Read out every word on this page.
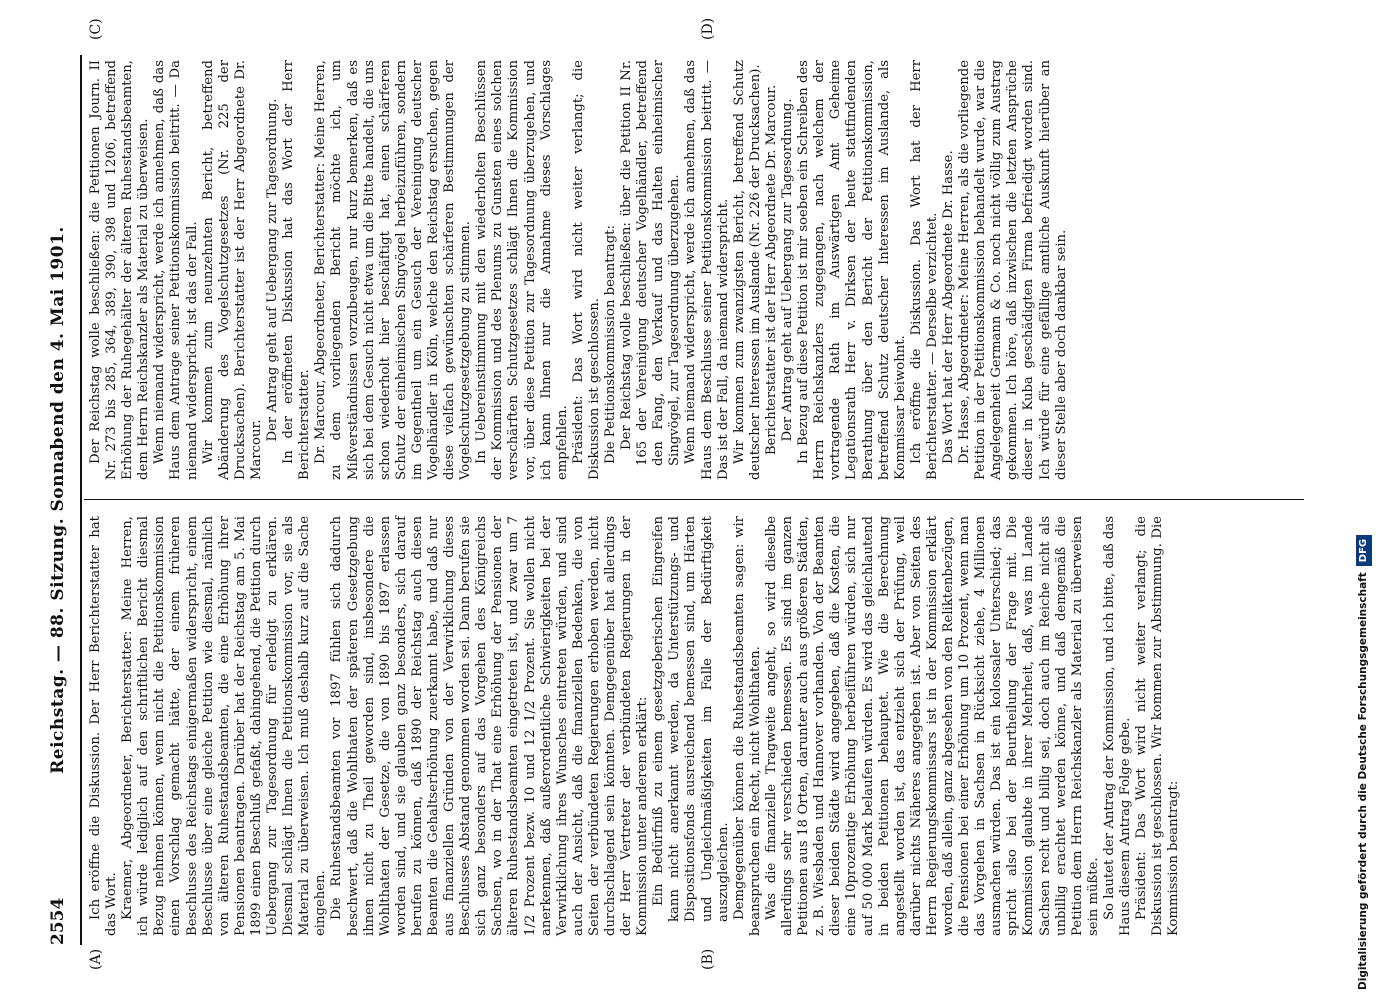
2554
Reichstag. — 88. Sitzung. Sonnabend den 4. Mai 1901.
(A)	(B)
(C)	(D)

Ich eröffne die Diskussion. Der Herr Berichterstatter hat das Wort. Kraemer, Abgeordneter, Berichterstatter: Meine Herren, ich würde lediglich auf den schriftlichen Bericht diesmal Bezug nehmen können, wenn nicht die Petitionskommission einen Vorschlag gemacht hätte, der einem früheren Beschlusse des Reichstags einigermaßen widerspricht, einem Beschlusse über eine gleiche Petition wie diesmal, nämlich von älteren Ruhestandsbeamten, die eine Erhöhung ihrer Pensionen beantragen. Darüber hat der Reichstag am 5. Mai 1899 einen Beschluß gefaßt, dahingehend, die Petition durch Uebergang zur Tagesordnung für erledigt zu erklären. Diesmal schlägt Ihnen die Petitionskommission vor, sie als Material zu überweisen. Ich muß deshalb kurz auf die Sache eingehen. Die Ruhestandsbeamten vor 1897 fühlen sich dadurch beschwert, daß die Wohlthaten der späteren Gesetzgebung ihnen nicht zu Theil geworden sind, insbesondere die Wohlthaten der Gesetze, die von 1890 bis 1897 erlassen worden sind, und sie glauben ganz besonders, sich darauf berufen zu können, daß 1890 der Reichstag auch diesen Beamten die Gehaltserhöhung zuerkannt habe, und daß nur aus finanziellen Gründen von der Verwirklichung dieses Beschlusses Abstand genommen worden sei. Dann berufen sie sich ganz besonders auf das Vorgehen des Königreichs Sachsen, wo in der That eine Erhöhung der Pensionen der älteren Ruhestandsbeamten eingetreten ist, und zwar um 7 1/2 Prozent bezw. 10 und 12 1/2 Prozent. Sie wollen nicht anerkennen, daß außerordentliche Schwierigkeiten bei der Verwirklichung ihres Wunsches eintreten würden, und sind auch der Ansicht, daß die finanziellen Bedenken, die von Seiten der verbündeten Regierungen erhoben werden, nicht durchschlagend sein könnten. Demgegenüber hat allerdings der Herr Vertreter der verbündeten Regierungen in der Kommission unter anderem erklärt: Ein Bedürfniß zu einem gesetzgeberischen Eingreifen kann nicht anerkannt werden, da Unterstützungs- und Dispositionsfonds ausreichend bemessen sind, um Härten und Ungleichmäßigkeiten im Falle der Bedürftigkeit auszugleichen. Demgegenüber können die Ruhestandsbeamten sagen: wir beanspruchen ein Recht, nicht Wohlthaten. Was die finanzielle Tragweite angeht, so wird dieselbe allerdings sehr verschieden bemessen. Es sind im ganzen Petitionen aus 18 Orten, darunter auch aus größeren Städten, z. B. Wiesbaden und Hannover vorhanden. Von der Beamten dieser beiden Städte wird angegeben, daß die Kosten, die eine 10prozentige Erhöhung herbeiführen würden, sich nur auf 50 000 Mark belaufen würden. Es wird das gleichlautend in beiden Petitionen behauptet. Wie die Berechnung angestellt worden ist, das entzieht sich der Prüfung, weil darüber nichts Näheres angegeben ist. Aber von Seiten des Herrn Regierungskommissars ist in der Kommission erklärt worden, daß allein, ganz abgesehen von den Reliktenbezügen, die Pensionen bei einer Erhöhung um 10 Prozent, wenn man das Vorgehen in Sachsen in Rücksicht ziehe, 4 Millionen ausmachen würden. Das ist ein kolossaler Unterschied; das spricht also bei der Beurtheilung der Frage mit. Die Kommission glaubte in ihrer Mehrheit, daß, was im Lande Sachsen recht und billig sei, doch auch im Reiche nicht als unbillig erachtet werden könne, und daß demgemäß die Petition dem Herrn Reichskanzler als Material zu überweisen sein müßte. So lautet der Antrag der Kommission, und ich bitte, daß das Haus diesem Antrag Folge gebe. Präsident: Das Wort wird nicht weiter verlangt; die Diskussion ist geschlossen. Wir kommen zur Abstimmung. Die Kommission beantragt:

Der Reichstag wolle beschließen: die Petitionen Journ. II Nr. 273 bis 285, 364, 389, 390, 398 und 1206, betreffend Erhöhung der Ruhegehälter der älteren Ruhestandsbeamten, dem Herrn Reichskanzler als Material zu überweisen. Wenn niemand widerspricht, werde ich annehmen, daß das Haus dem Antrage seiner Petitionskommission beitritt. — Da niemand widerspricht, ist das der Fall. Wir kommen zum neunzehnten Bericht, betreffend Abänderung des Vogelschutzgesetzes (Nr. 225 der Drucksachen). Berichterstatter ist der Herr Abgeordnete Dr. Marcour.

Der Antrag geht auf Uebergang zur Tagesordnung. In der eröffneten Diskussion hat das Wort der Herr Berichterstatter. Dr. Marcour, Abgeordneter, Berichterstatter: Meine Herren, zu dem vorliegenden Bericht möchte ich, um Mißverständnissen vorzubeugen, nur kurz bemerken, daß es sich bei dem Gesuch nicht etwa um die Bitte handelt, die uns schon wiederholt hier beschäftigt hat, einen schärferen Schutz der einheimischen Singvögel herbeizuführen, sondern im Gegentheil um ein Gesuch der Vereinigung deutscher Vogelhändler in Köln, welche den Reichstag ersuchen, gegen diese vielfach gewünschten schärferen Bestimmungen der Vogelschutzgesetzgebung zu stimmen. In Uebereinstimmung mit den wiederholten Beschlüssen der Kommission und des Plenums zu Gunsten eines solchen verschärften Schutzgesetzes schlägt Ihnen die Kommission vor, über diese Petition zur Tagesordnung überzugehen, und ich kann Ihnen nur die Annahme dieses Vorschlages empfehlen. Präsident: Das Wort wird nicht weiter verlangt; die Diskussion ist geschlossen. Die Petitionskommission beantragt: Der Reichstag wolle beschließen: über die Petition II Nr. 165 der Vereinigung deutscher Vogelhändler, betreffend den Fang, den Verkauf und das Halten einheimischer Singvögel, zur Tagesordnung überzugehen. Wenn niemand widerspricht, werde ich annehmen, daß das Haus dem Beschlusse seiner Petitionskommission beitritt. — Das ist der Fall, da niemand widerspricht. Wir kommen zum zwanzigsten Bericht, betreffend Schutz deutscher Interessen im Auslande (Nr. 226 der Drucksachen). Berichterstatter ist der Herr Abgeordnete Dr. Marcour. Der Antrag geht auf Uebergang zur Tagesordnung. In Bezug auf diese Petition ist mir soeben ein Schreiben des Herrn Reichskanzlers zugegangen, nach welchem der vortragende Rath im Auswärtigen Amt Geheime Legationsrath Herr v. Dirksen der heute stattfindenden Berathung über den Bericht der Petitionskommission, betreffend Schutz deutscher Interessen im Auslande, als Kommissar beiwohnt. Ich eröffne die Diskussion. Das Wort hat der Herr Berichterstatter. — Derselbe verzichtet. Das Wort hat der Herr Abgeordnete Dr. Hasse. Dr. Hasse, Abgeordneter: Meine Herren, als die vorliegende Petition in der Petitionskommission behandelt wurde, war die Angelegenheit Germann & Co. noch nicht völlig zum Austrag gekommen. Ich höre, daß inzwischen die letzten Ansprüche dieser in Kuba geschädigten Firma befriedigt worden sind. Ich würde für eine gefällige amtliche Auskunft hierüber an dieser Stelle aber doch dankbar sein.

Digitalisierung gefördert durch die Deutsche ForschungsgemeinschaftDFG
